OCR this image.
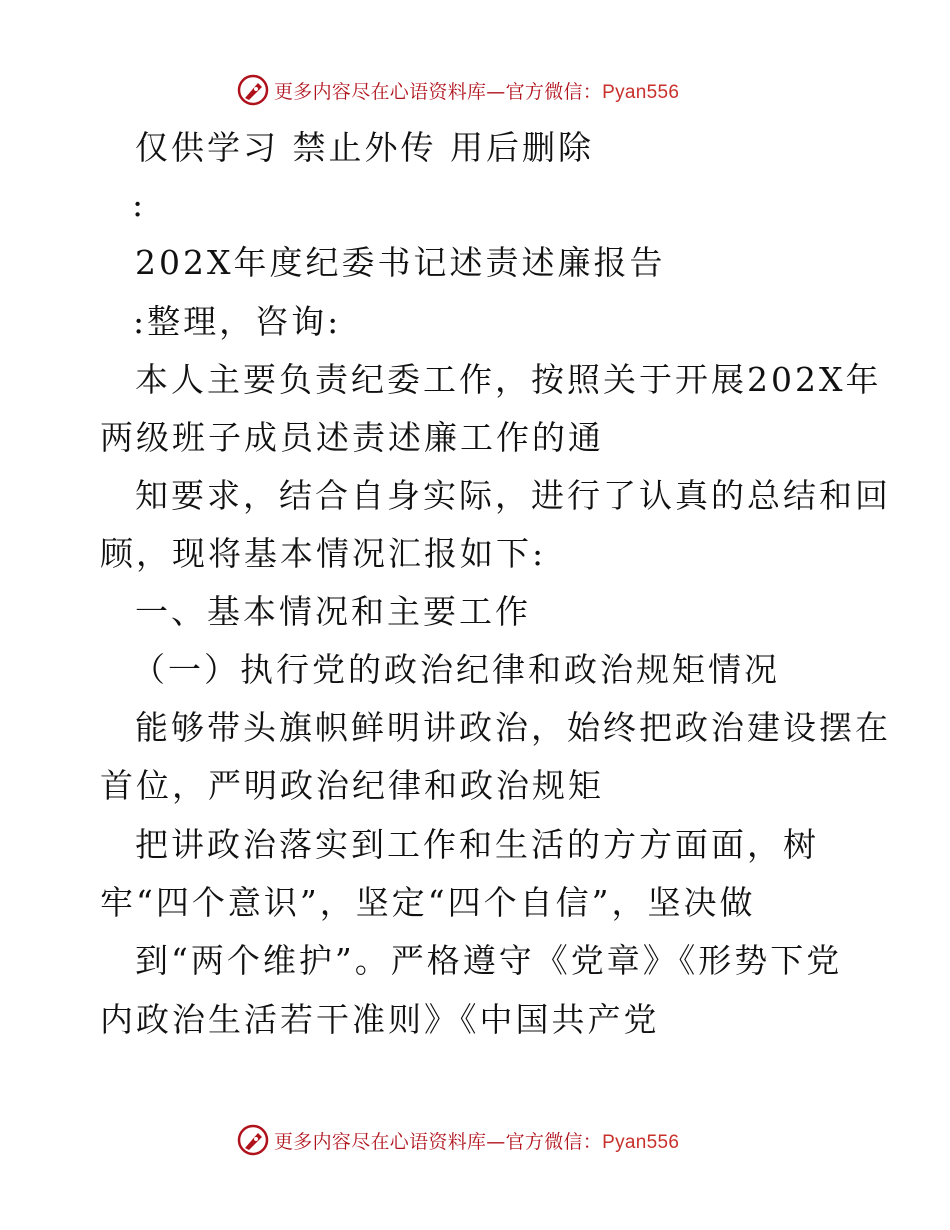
更多内容尽在心语资料库—官方微信：Pyan556
仅供学习 禁止外传 用后删除
:
202X年度纪委书记述责述廉报告
:整理，咨询:
本人主要负责纪委工作，按照关于开展202X年
两级班子成员述责述廉工作的通
知要求，结合自身实际，进行了认真的总结和回
顾，现将基本情况汇报如下:
一、基本情况和主要工作
（一）执行党的政治纪律和政治规矩情况
能够带头旗帜鲜明讲政治，始终把政治建设摆在
首位，严明政治纪律和政治规矩
把讲政治落实到工作和生活的方方面面，树
牢“四个意识”，坚定“四个自信”，坚决做
到“两个维护”。严格遵守《党章》《形势下党
内政治生活若干准则》《中国共产党
更多内容尽在心语资料库—官方微信：Pyan556
